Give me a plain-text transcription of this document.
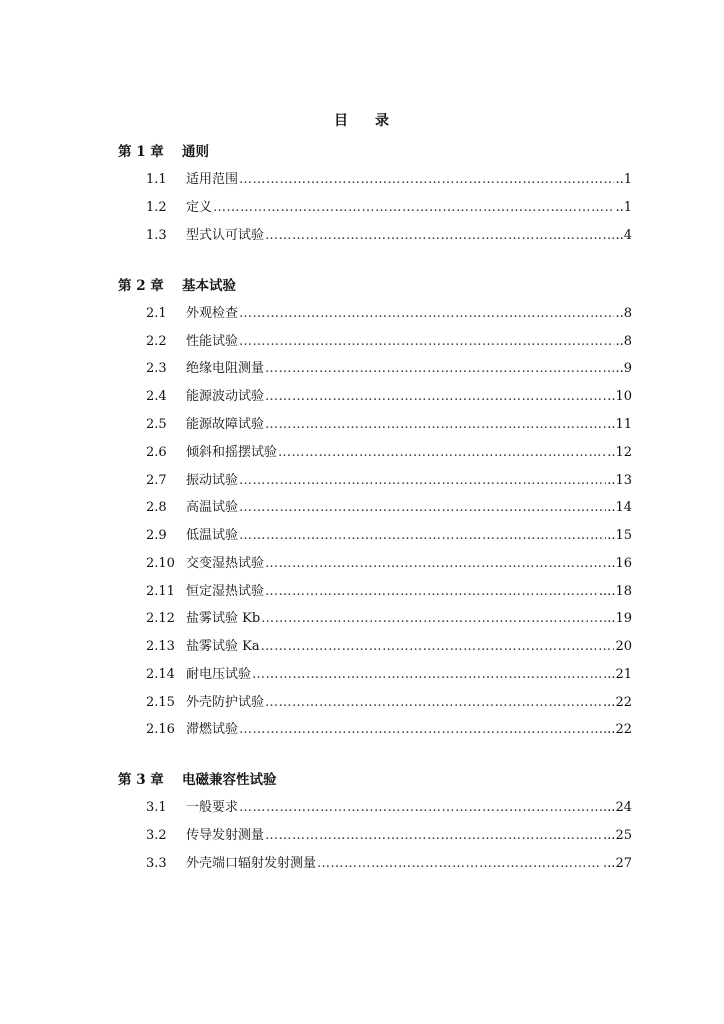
目 录
第 1 章 通则
1.1	适用范围 ……………………………………………………………………………………………………………………………………………………………………………………	..1
1.2	定义 ……………………………………………………………………………………………………………………………………………………………………………………	..1
1.3	型式认可试验 ……………………………………………………………………………………………………………………………………………………………………………………	..4
第 2 章 基本试验
2.1	外观检查 ……………………………………………………………………………………………………………………………………………………………………………………	..8
2.2	性能试验 ……………………………………………………………………………………………………………………………………………………………………………………	..8
2.3	绝缘电阻测量 ……………………………………………………………………………………………………………………………………………………………………………………	..9
2.4	能源波动试验 ……………………………………………………………………………………………………………………………………………………………………………………	..10
2.5	能源故障试验 ……………………………………………………………………………………………………………………………………………………………………………………	..11
2.6	倾斜和摇摆试验 ……………………………………………………………………………………………………………………………………………………………………………………	..12
2.7	振动试验 ……………………………………………………………………………………………………………………………………………………………………………………	..13
2.8	高温试验 ……………………………………………………………………………………………………………………………………………………………………………………	..14
2.9	低温试验 ……………………………………………………………………………………………………………………………………………………………………………………	..15
2.10 交变湿热试验 ……………………………………………………………………………………………………………………………………………………………………………………	..16
2.11 恒定湿热试验 ……………………………………………………………………………………………………………………………………………………………………………………	....18
2.12 盐雾试验 Kb ……………………………………………………………………………………………………………………………………………………………………………………	..19
2.13 盐雾试验 Ka ……………………………………………………………………………………………………………………………………………………………………………………	20
2.14 耐电压试验 ……………………………………………………………………………………………………………………………………………………………………………………	..21
2.15 外壳防护试验 ……………………………………………………………………………………………………………………………………………………………………………………	...22
2.16 滞燃试验 ……………………………………………………………………………………………………………………………………………………………………………………	...22
第 3 章 电磁兼容性试验
3.1	一般要求 ……………………………………………………………………………………………………………………………………………………………………………………	...24
3.2	传导发射测量 ……………………………………………………………………………………………………………………………………………………………………………………	...25
3.3	外壳端口辐射发射测量 ……………………………………………………………………………………………………………………………………………………………………………………	...27
